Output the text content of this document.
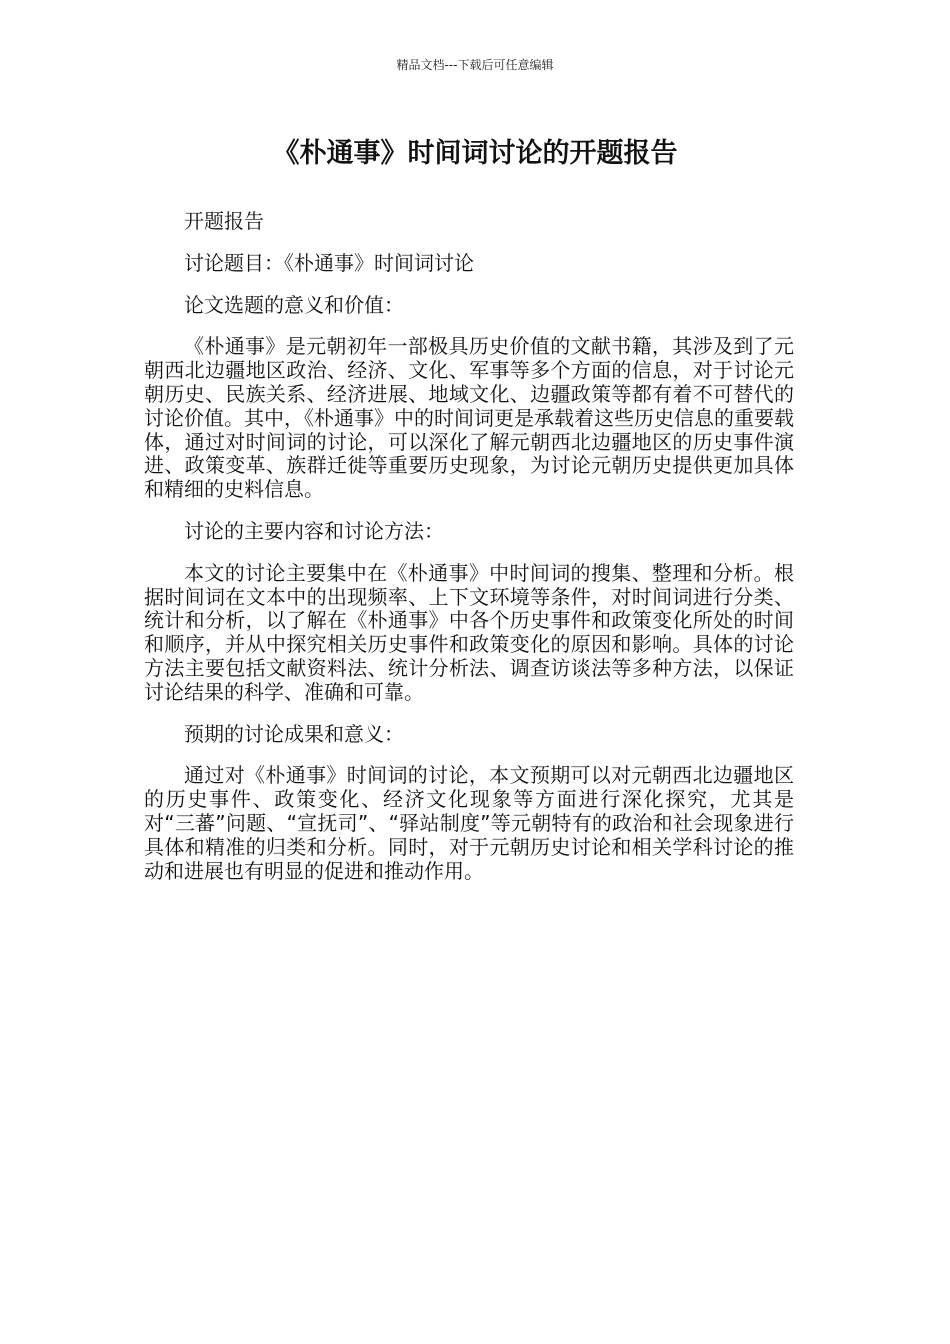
精品文档---下载后可任意编辑
《朴通事》时间词讨论的开题报告

开题报告

讨论题目：《朴通事》时间词讨论

论文选题的意义和价值：

《朴通事》是元朝初年一部极具历史价值的文献书籍，其涉及到了元朝西北边疆地区政治、经济、文化、军事等多个方面的信息，对于讨论元朝历史、民族关系、经济进展、地域文化、边疆政策等都有着不可替代的讨论价值。其中，《朴通事》中的时间词更是承载着这些历史信息的重要载体，通过对时间词的讨论，可以深化了解元朝西北边疆地区的历史事件演进、政策变革、族群迁徙等重要历史现象，为讨论元朝历史提供更加具体和精细的史料信息。

讨论的主要内容和讨论方法：

本文的讨论主要集中在《朴通事》中时间词的搜集、整理和分析。根据时间词在文本中的出现频率、上下文环境等条件，对时间词进行分类、统计和分析，以了解在《朴通事》中各个历史事件和政策变化所处的时间和顺序，并从中探究相关历史事件和政策变化的原因和影响。具体的讨论方法主要包括文献资料法、统计分析法、调查访谈法等多种方法，以保证讨论结果的科学、准确和可靠。

预期的讨论成果和意义：

通过对《朴通事》时间词的讨论，本文预期可以对元朝西北边疆地区的历史事件、政策变化、经济文化现象等方面进行深化探究，尤其是对“三蕃”问题、“宣抚司”、“驿站制度”等元朝特有的政治和社会现象进行具体和精准的归类和分析。同时，对于元朝历史讨论和相关学科讨论的推动和进展也有明显的促进和推动作用。
